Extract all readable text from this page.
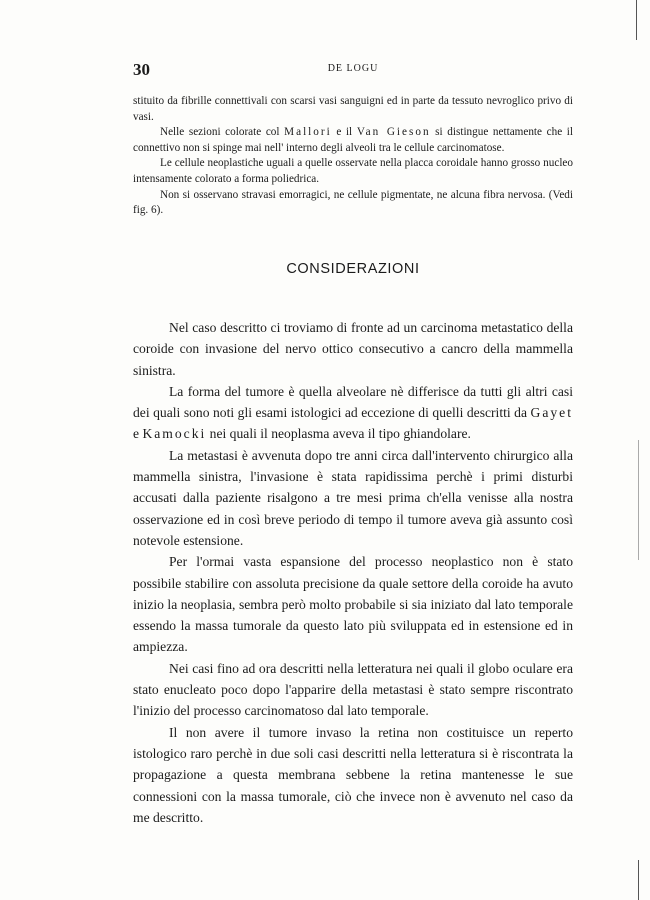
30	DE LOGU

stituito da fibrille connettivali con scarsi vasi sanguigni ed in parte da tessuto nevroglico privo di vasi.

Nelle sezioni colorate col Mallori e il Van Gieson si distingue nettamente che il connettivo non si spinge mai nell' interno degli alveoli tra le cellule carcinomatose.

Le cellule neoplastiche uguali a quelle osservate nella placca coroidale hanno grosso nucleo intensamente colorato a forma poliedrica.

Non si osservano stravasi emorragici, ne cellule pigmentate, ne alcuna fibra nervosa. (Vedi fig. 6).

CONSIDERAZIONI

Nel caso descritto ci troviamo di fronte ad un carcinoma metastatico della coroide con invasione del nervo ottico consecutivo a cancro della mammella sinistra.

La forma del tumore è quella alveolare nè differisce da tutti gli altri casi dei quali sono noti gli esami istologici ad eccezione di quelli descritti da Gayet e Kamocki nei quali il neoplasma aveva il tipo ghiandolare.

La metastasi è avvenuta dopo tre anni circa dall'intervento chirurgico alla mammella sinistra, l'invasione è stata rapidissima perchè i primi disturbi accusati dalla paziente risalgono a tre mesi prima ch'ella venisse alla nostra osservazione ed in così breve periodo di tempo il tumore aveva già assunto così notevole estensione.

Per l'ormai vasta espansione del processo neoplastico non è stato possibile stabilire con assoluta precisione da quale settore della coroide ha avuto inizio la neoplasia, sembra però molto probabile si sia iniziato dal lato temporale essendo la massa tumorale da questo lato più sviluppata ed in estensione ed in ampiezza.

Nei casi fino ad ora descritti nella letteratura nei quali il globo oculare era stato enucleato poco dopo l'apparire della metastasi è stato sempre riscontrato l'inizio del processo carcinomatoso dal lato temporale.

Il non avere il tumore invaso la retina non costituisce un reperto istologico raro perchè in due soli casi descritti nella letteratura si è riscontrata la propagazione a questa membrana sebbene la retina mantenesse le sue connessioni con la massa tumorale, ciò che invece non è avvenuto nel caso da me descritto.
